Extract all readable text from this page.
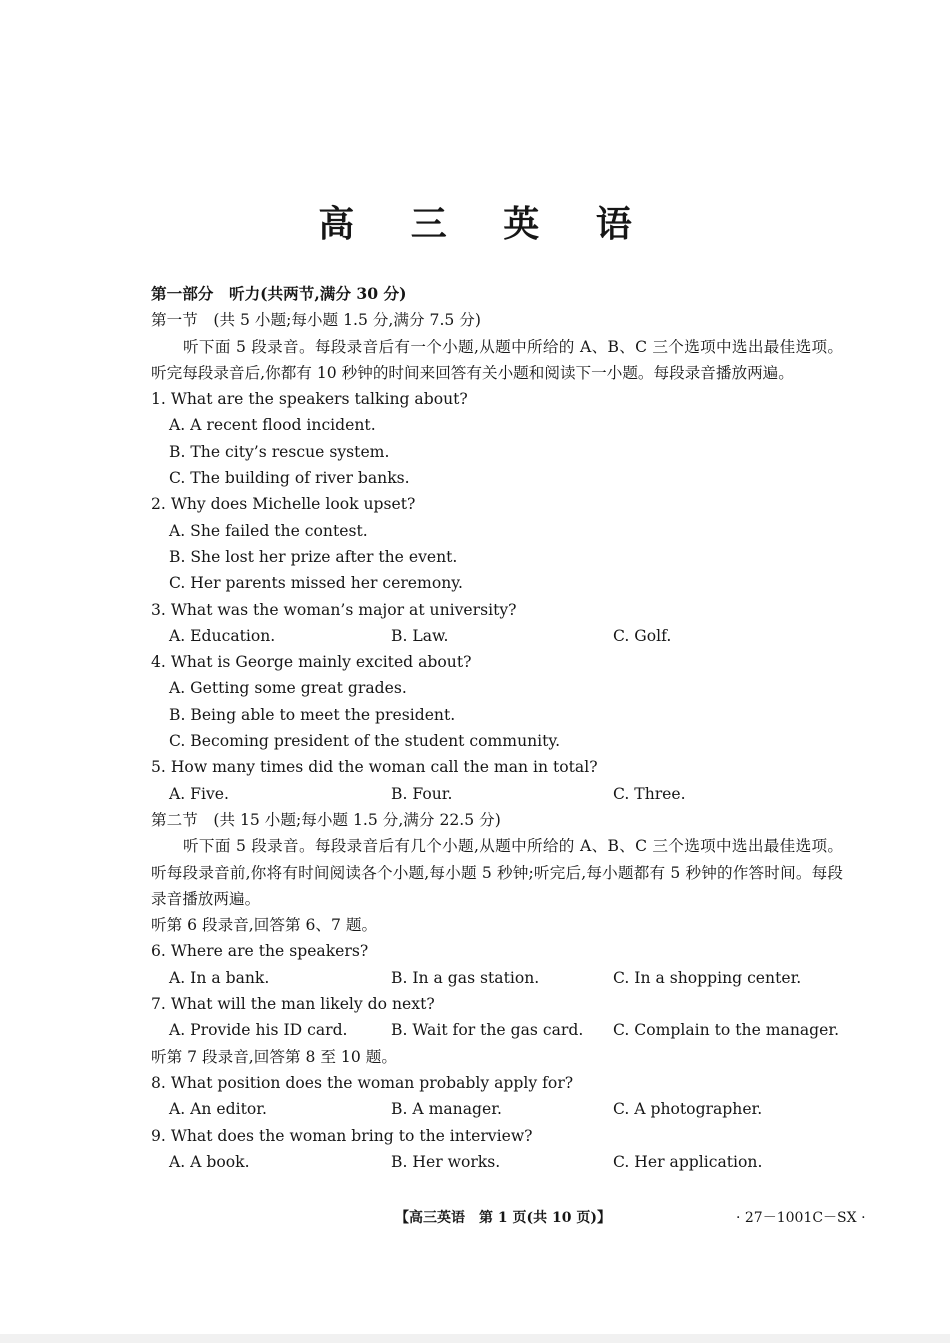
高 三 英 语
第一部分　听力(共两节,满分 30 分)
第一节　(共 5 小题;每小题 1.5 分,满分 7.5 分)
听下面 5 段录音。每段录音后有一个小题,从题中所给的 A、B、C 三个选项中选出最佳选项。听完每段录音后,你都有 10 秒钟的时间来回答有关小题和阅读下一小题。每段录音播放两遍。
1. What are the speakers talking about?
A. A recent flood incident.
B. The city’s rescue system.
C. The building of river banks.
2. Why does Michelle look upset?
A. She failed the contest.
B. She lost her prize after the event.
C. Her parents missed her ceremony.
3. What was the woman’s major at university?
A. Education.	B. Law.	C. Golf.
4. What is George mainly excited about?
A. Getting some great grades.
B. Being able to meet the president.
C. Becoming president of the student community.
5. How many times did the woman call the man in total?
A. Five.	B. Four.	C. Three.
第二节　(共 15 小题;每小题 1.5 分,满分 22.5 分)
听下面 5 段录音。每段录音后有几个小题,从题中所给的 A、B、C 三个选项中选出最佳选项。听每段录音前,你将有时间阅读各个小题,每小题 5 秒钟;听完后,每小题都有 5 秒钟的作答时间。每段录音播放两遍。
听第 6 段录音,回答第 6、7 题。
6. Where are the speakers?
A. In a bank.	B. In a gas station.	C. In a shopping center.
7. What will the man likely do next?
A. Provide his ID card.	B. Wait for the gas card.	C. Complain to the manager.
听第 7 段录音,回答第 8 至 10 题。
8. What position does the woman probably apply for?
A. An editor.	B. A manager.	C. A photographer.
9. What does the woman bring to the interview?
A. A book.	B. Her works.	C. Her application.
【高三英语　第 1 页(共 10 页)】	· 27－1001C－SX ·
